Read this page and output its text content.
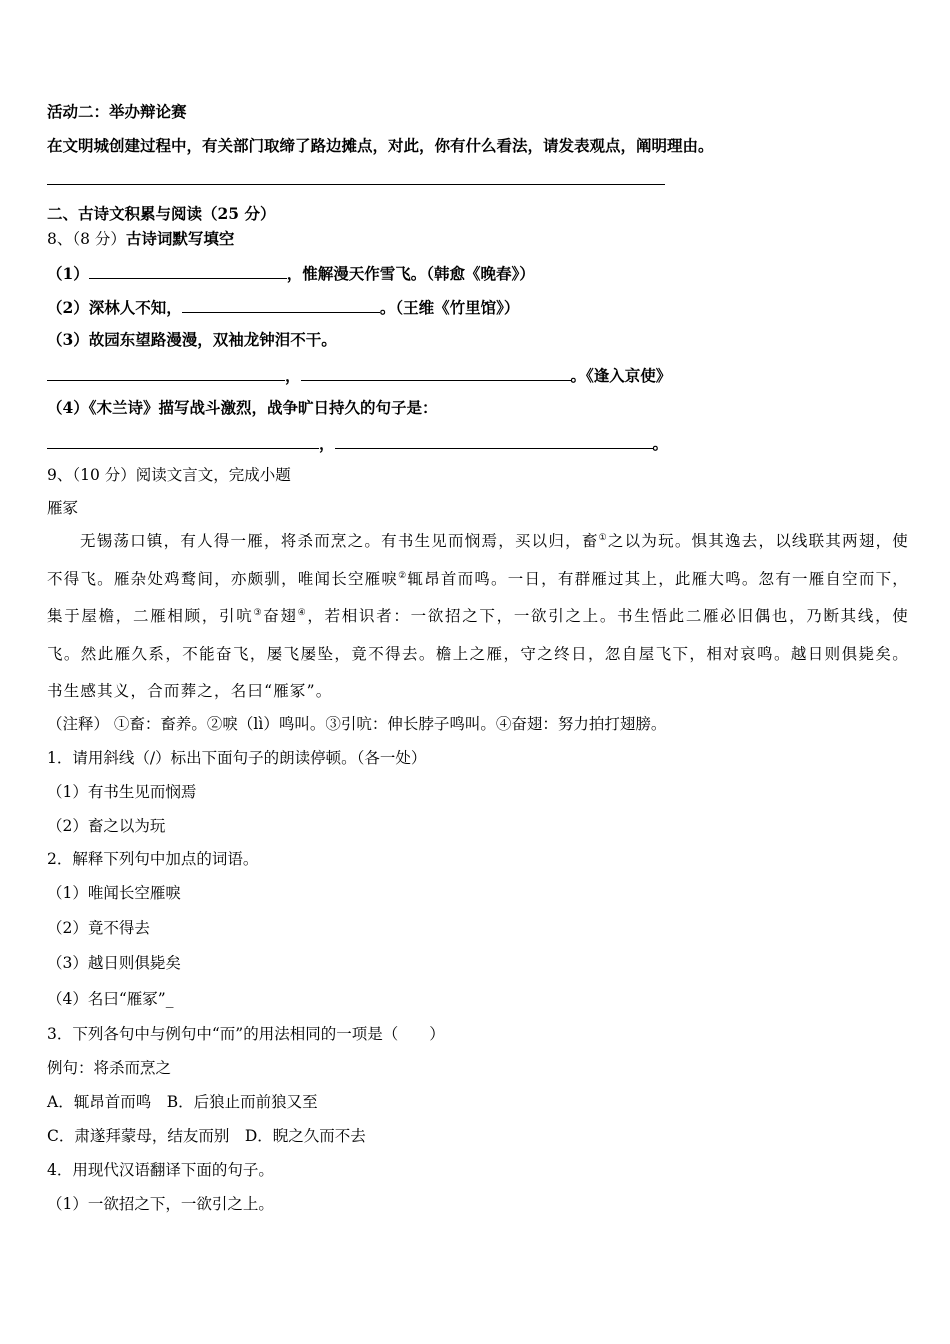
活动二：举办辩论赛
在文明城创建过程中，有关部门取缔了路边摊点，对此，你有什么看法，请发表观点，阐明理由。
二、古诗文积累与阅读（25 分）
8、（8 分）古诗词默写填空
（1）	，惟解漫天作雪飞。（韩愈《晚春》）
（2）深林人不知，	。（王维《竹里馆》）
（3）故园东望路漫漫，双袖龙钟泪不干。
，	。《逢入京使》
（4）《木兰诗》描写战斗激烈，战争旷日持久的句子是：
，	。
9、（10 分）阅读文言文，完成小题
雁冢
无锡荡口镇，有人得一雁，将杀而烹之。有书生见而悯焉，买以归，畜①之以为玩。惧其逸去，以线联其两翅，使不得飞。雁杂处鸡鹜间，亦颇驯，唯闻长空雁唳②辄昂首而鸣。一日，有群雁过其上，此雁大鸣。忽有一雁自空而下，集于屋檐，二雁相顾，引吭③奋翅④，若相识者：一欲招之下，一欲引之上。书生悟此二雁必旧偶也，乃断其线，使飞。然此雁久系，不能奋飞，屡飞屡坠，竟不得去。檐上之雁，守之终日，忽自屋飞下，相对哀鸣。越日则俱毙矣。书生感其义，合而葬之，名曰“雁冢”。
（注释） ①畜：畜养。②唳（lì）鸣叫。③引吭：伸长脖子鸣叫。④奋翅：努力拍打翅膀。
1．请用斜线（/）标出下面句子的朗读停顿。（各一处）
（1）有书生见而悯焉
（2）畜之以为玩
2．解释下列句中加点的词语。
（1）唯闻长空雁唳
（2）竟不得去
（3）越日则俱毙矣
（4）名曰“雁冢”_
3．下列各句中与例句中“而”的用法相同的一项是（　　）
例句：将杀而烹之
A．辄昂首而鸣　B．后狼止而前狼又至
C．肃遂拜蒙母，结友而别　D．睨之久而不去
4．用现代汉语翻译下面的句子。
（1）一欲招之下，一欲引之上。
